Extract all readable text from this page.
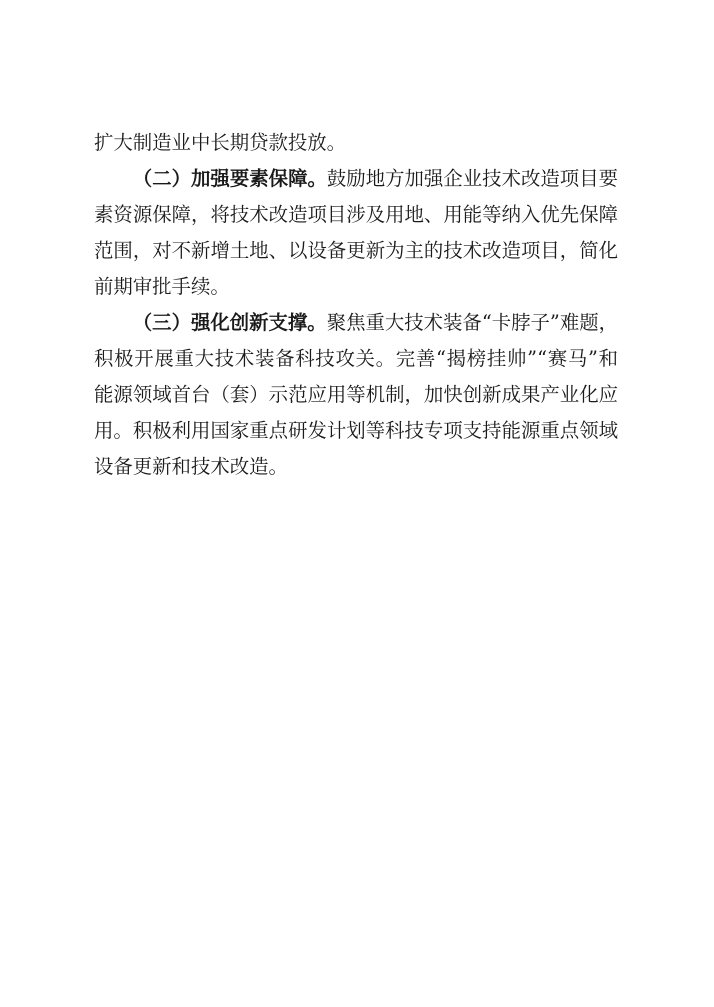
扩大制造业中长期贷款投放。

（二）加强要素保障。鼓励地方加强企业技术改造项目要素资源保障，将技术改造项目涉及用地、用能等纳入优先保障范围，对不新增土地、以设备更新为主的技术改造项目，简化前期审批手续。

（三）强化创新支撑。聚焦重大技术装备“卡脖子”难题，积极开展重大技术装备科技攻关。完善“揭榜挂帅”“赛马”和能源领域首台（套）示范应用等机制，加快创新成果产业化应用。积极利用国家重点研发计划等科技专项支持能源重点领域设备更新和技术改造。
